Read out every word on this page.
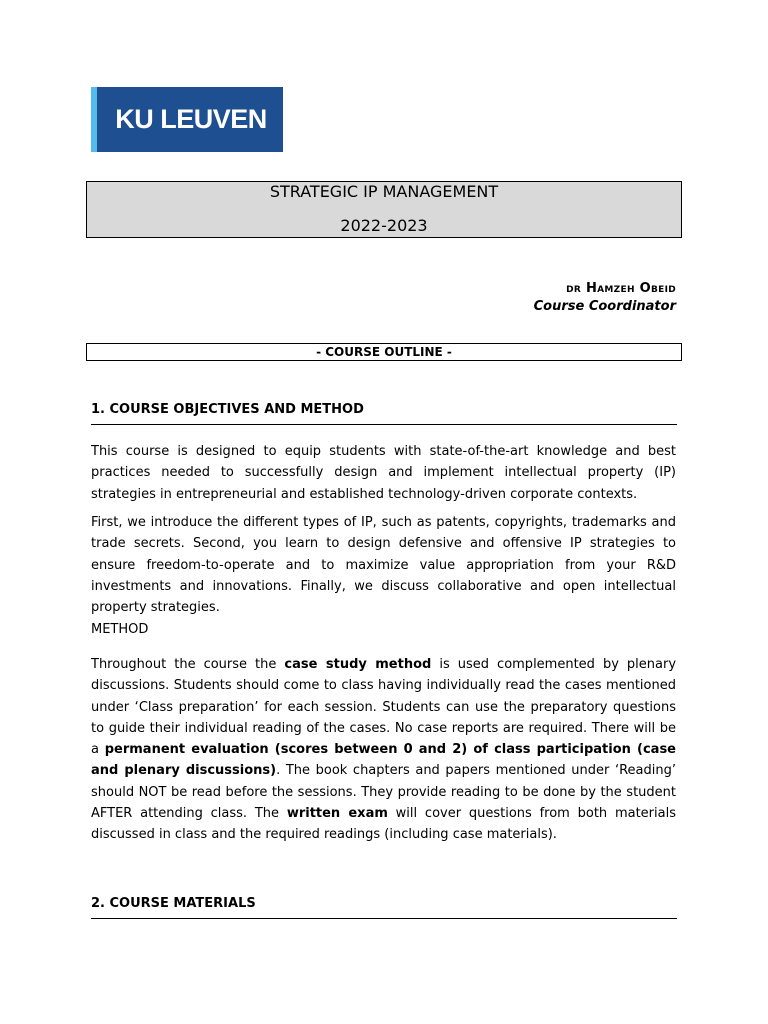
KU LEUVEN
STRATEGIC IP MANAGEMENT
2022-2023
dr Hamzeh Obeid
Course Coordinator
- COURSE OUTLINE -
1. COURSE OBJECTIVES AND METHOD

This course is designed to equip students with state-of-the-art knowledge and best practices needed to successfully design and implement intellectual property (IP) strategies in entrepreneurial and established technology-driven corporate contexts.

First, we introduce the different types of IP, such as patents, copyrights, trademarks and trade secrets. Second, you learn to design defensive and offensive IP strategies to ensure freedom-to-operate and to maximize value appropriation from your R&D investments and innovations. Finally, we discuss collaborative and open intellectual property strategies.

METHOD

Throughout the course the case study method is used complemented by plenary discussions. Students should come to class having individually read the cases mentioned under ‘Class preparation’ for each session. Students can use the preparatory questions to guide their individual reading of the cases. No case reports are required. There will be a permanent evaluation (scores between 0 and 2) of class participation (case and plenary discussions). The book chapters and papers mentioned under ‘Reading’ should NOT be read before the sessions. They provide reading to be done by the student AFTER attending class. The written exam will cover questions from both materials discussed in class and the required readings (including case materials).

2. COURSE MATERIALS
